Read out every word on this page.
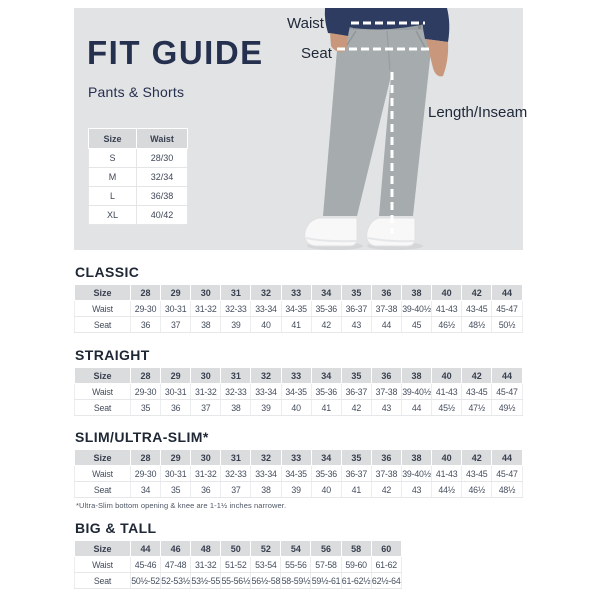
FIT GUIDE
Pants & Shorts
Size	Waist
S	28/30
M	32/34
L	36/38
XL	40/42
Waist
Seat
Length/Inseam
CLASSIC
Size	28	29	30	31	32	33	34	35	36	38	40	42	44
Waist	29-30	30-31	31-32	32-33	33-34	34-35	35-36	36-37	37-38	39-40½	41-43	43-45	45-47
Seat	36	37	38	39	40	41	42	43	44	45	46½	48½	50½
STRAIGHT
Size	28	29	30	31	32	33	34	35	36	38	40	42	44
Waist	29-30	30-31	31-32	32-33	33-34	34-35	35-36	36-37	37-38	39-40½	41-43	43-45	45-47
Seat	35	36	37	38	39	40	41	42	43	44	45½	47½	49½
SLIM/ULTRA-SLIM*
Size	28	29	30	31	32	33	34	35	36	38	40	42	44
Waist	29-30	30-31	31-32	32-33	33-34	34-35	35-36	36-37	37-38	39-40½	41-43	43-45	45-47
Seat	34	35	36	37	38	39	40	41	42	43	44½	46½	48½
*Ultra-Slim bottom opening & knee are 1-1½ inches narrower.
BIG & TALL
Size	44	46	48	50	52	54	56	58	60
Waist	45-46	47-48	31-32	51-52	53-54	55-56	57-58	59-60	61-62
Seat	50½-52	52-53½	53½-55	55-56½	56½-58	58-59½	59½-61	61-62½	62½-64
